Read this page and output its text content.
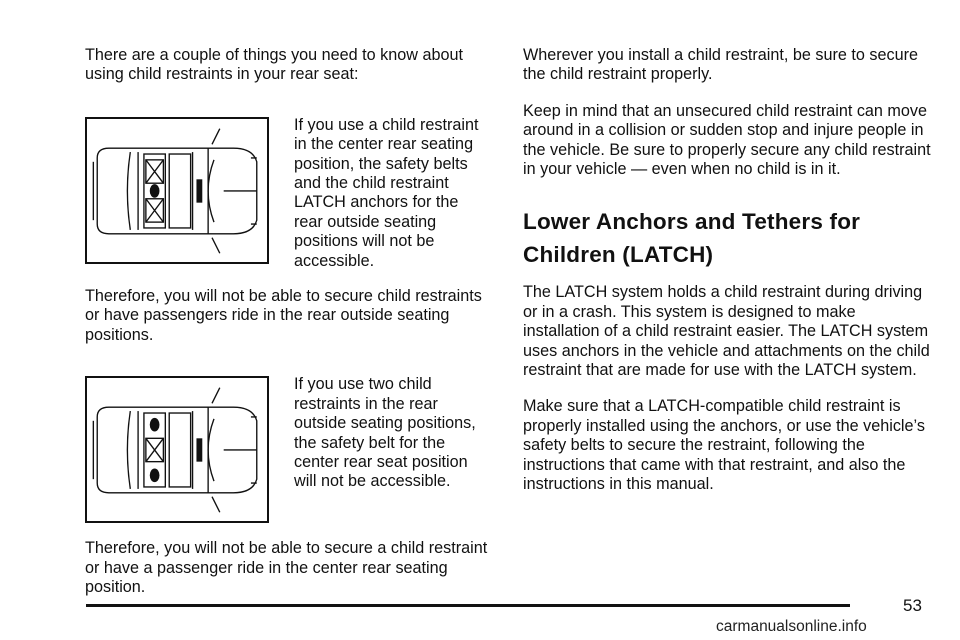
There are a couple of things you need to know about using child restraints in your rear seat:

If you use a child restraint in the center rear seating position, the safety belts and the child restraint LATCH anchors for the rear outside seating positions will not be accessible.

Therefore, you will not be able to secure child restraints or have passengers ride in the rear outside seating positions.

If you use two child restraints in the rear outside seating positions, the safety belt for the center rear seat position will not be accessible.

Therefore, you will not be able to secure a child restraint or have a passenger ride in the center rear seating position.

Wherever you install a child restraint, be sure to secure the child restraint properly.

Keep in mind that an unsecured child restraint can move around in a collision or sudden stop and injure people in the vehicle. Be sure to properly secure any child restraint in your vehicle — even when no child is in it.

Lower Anchors and Tethers for Children (LATCH)

The LATCH system holds a child restraint during driving or in a crash. This system is designed to make installation of a child restraint easier. The LATCH system uses anchors in the vehicle and attachments on the child restraint that are made for use with the LATCH system.

Make sure that a LATCH-compatible child restraint is properly installed using the anchors, or use the vehicle’s safety belts to secure the restraint, following the instructions that came with that restraint, and also the instructions in this manual.

53
carmanualsonline.info
